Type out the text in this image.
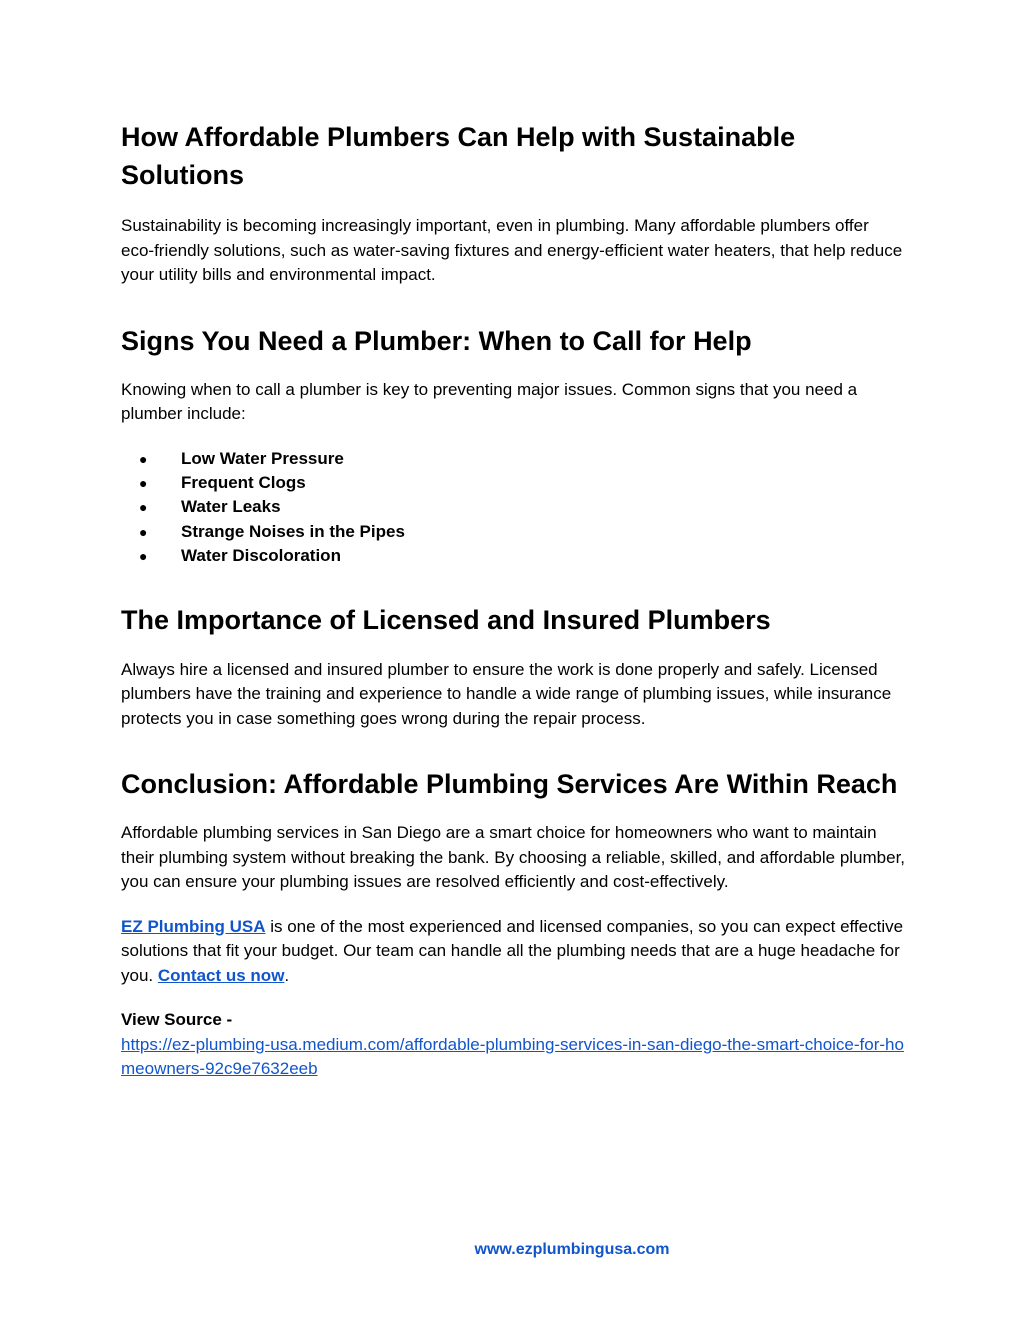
How Affordable Plumbers Can Help with Sustainable Solutions

Sustainability is becoming increasingly important, even in plumbing. Many affordable plumbers offer eco-friendly solutions, such as water-saving fixtures and energy-efficient water heaters, that help reduce your utility bills and environmental impact.

Signs You Need a Plumber: When to Call for Help

Knowing when to call a plumber is key to preventing major issues. Common signs that you need a plumber include:

● Low Water Pressure
● Frequent Clogs
● Water Leaks
● Strange Noises in the Pipes
● Water Discoloration
The Importance of Licensed and Insured Plumbers

Always hire a licensed and insured plumber to ensure the work is done properly and safely. Licensed plumbers have the training and experience to handle a wide range of plumbing issues, while insurance protects you in case something goes wrong during the repair process.

Conclusion: Affordable Plumbing Services Are Within Reach

Affordable plumbing services in San Diego are a smart choice for homeowners who want to maintain their plumbing system without breaking the bank. By choosing a reliable, skilled, and affordable plumber, you can ensure your plumbing issues are resolved efficiently and cost-effectively.

EZ Plumbing USA is one of the most experienced and licensed companies, so you can expect effective solutions that fit your budget. Our team can handle all the plumbing needs that are a huge headache for you. Contact us now.

View Source -
https://ez-plumbing-usa.medium.com/affordable-plumbing-services-in-san-diego-the-smart-choice-for-homeowners-92c9e7632eeb

www.ezplumbingusa.com
